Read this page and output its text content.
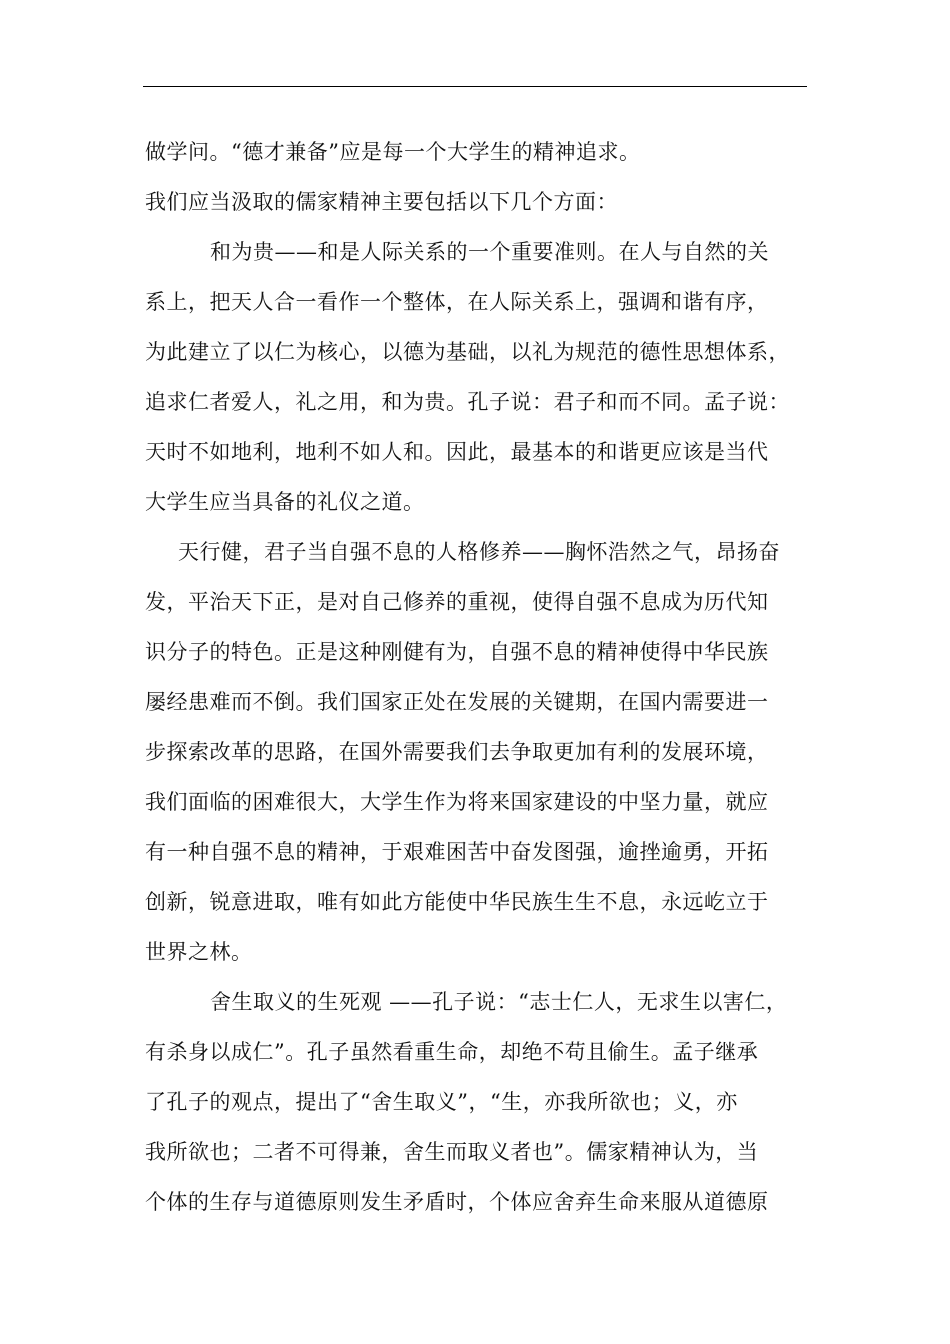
做学问。“德才兼备”应是每一个大学生的精神追求。
我们应当汲取的儒家精神主要包括以下几个方面：
和为贵——和是人际关系的一个重要准则。在人与自然的关
系上，把天人合一看作一个整体，在人际关系上，强调和谐有序，
为此建立了以仁为核心，以德为基础，以礼为规范的德性思想体系，
追求仁者爱人，礼之用，和为贵。孔子说：君子和而不同。孟子说：
天时不如地利，地利不如人和。因此，最基本的和谐更应该是当代
大学生应当具备的礼仪之道。
天行健，君子当自强不息的人格修养——胸怀浩然之气，昂扬奋
发，平治天下正，是对自己修养的重视，使得自强不息成为历代知
识分子的特色。正是这种刚健有为，自强不息的精神使得中华民族
屡经患难而不倒。我们国家正处在发展的关键期，在国内需要进一
步探索改革的思路，在国外需要我们去争取更加有利的发展环境，
我们面临的困难很大，大学生作为将来国家建设的中坚力量，就应
有一种自强不息的精神，于艰难困苦中奋发图强，逾挫逾勇，开拓
创新，锐意进取，唯有如此方能使中华民族生生不息，永远屹立于
世界之林。
舍生取义的生死观 ——孔子说：“志士仁人，无求生以害仁，
有杀身以成仁”。孔子虽然看重生命，却绝不苟且偷生。孟子继承
了孔子的观点，提出了“舍生取义”，“生，亦我所欲也；义，亦
我所欲也；二者不可得兼，舍生而取义者也”。儒家精神认为，当
个体的生存与道德原则发生矛盾时，个体应舍弃生命来服从道德原
